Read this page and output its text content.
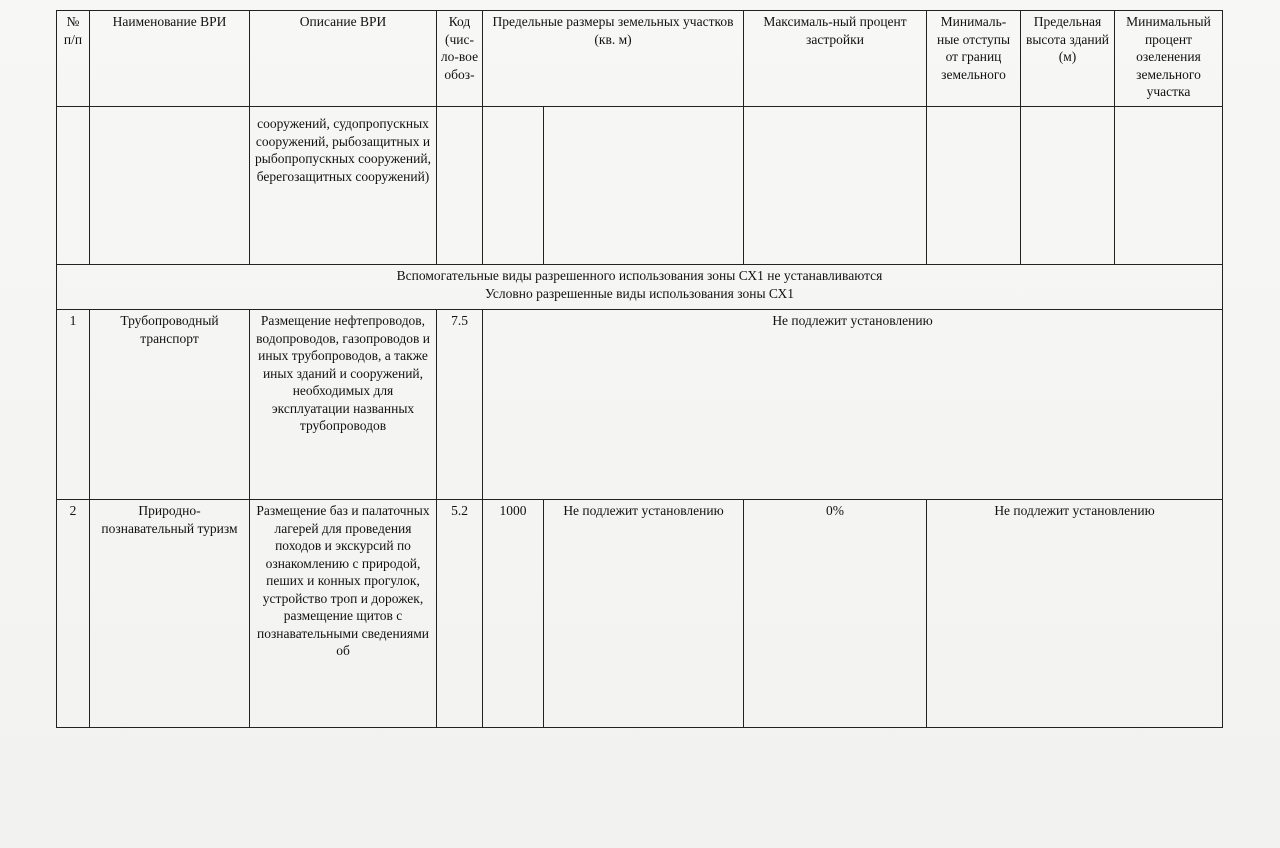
№ п/п	Наименование ВРИ	Описание ВРИ	Код (чис-ло-вое обоз-	Предельные размеры земельных участков (кв. м)		Максималь-ный процент застройки	Минималь-ные отступы от границ земельного	Предельная высота зданий (м)	Минимальный процент озеленения земельного участка
		сооружений, судопропускных сооружений, рыбозащитных и рыбопропускных сооружений, берегозащитных сооружений)							

Вспомогательные виды разрешенного использования зоны СХ1 не устанавливаются
Условно разрешенные виды использования зоны СХ1									

1	Трубопроводный транспорт	Размещение нефтепроводов, водопроводов, газопроводов и иных трубопроводов, а также иных зданий и сооружений, необходимых для эксплуатации названных трубопроводов	7.5	Не подлежит установлению					
2	Природно-познавательный туризм	Размещение баз и палаточных лагерей для проведения походов и экскурсий по ознакомлению с природой, пеших и конных прогулок, устройство троп и дорожек, размещение щитов с познавательными сведениями об	5.2	1000	Не подлежит установлению	0%	Не подлежит установлению		
